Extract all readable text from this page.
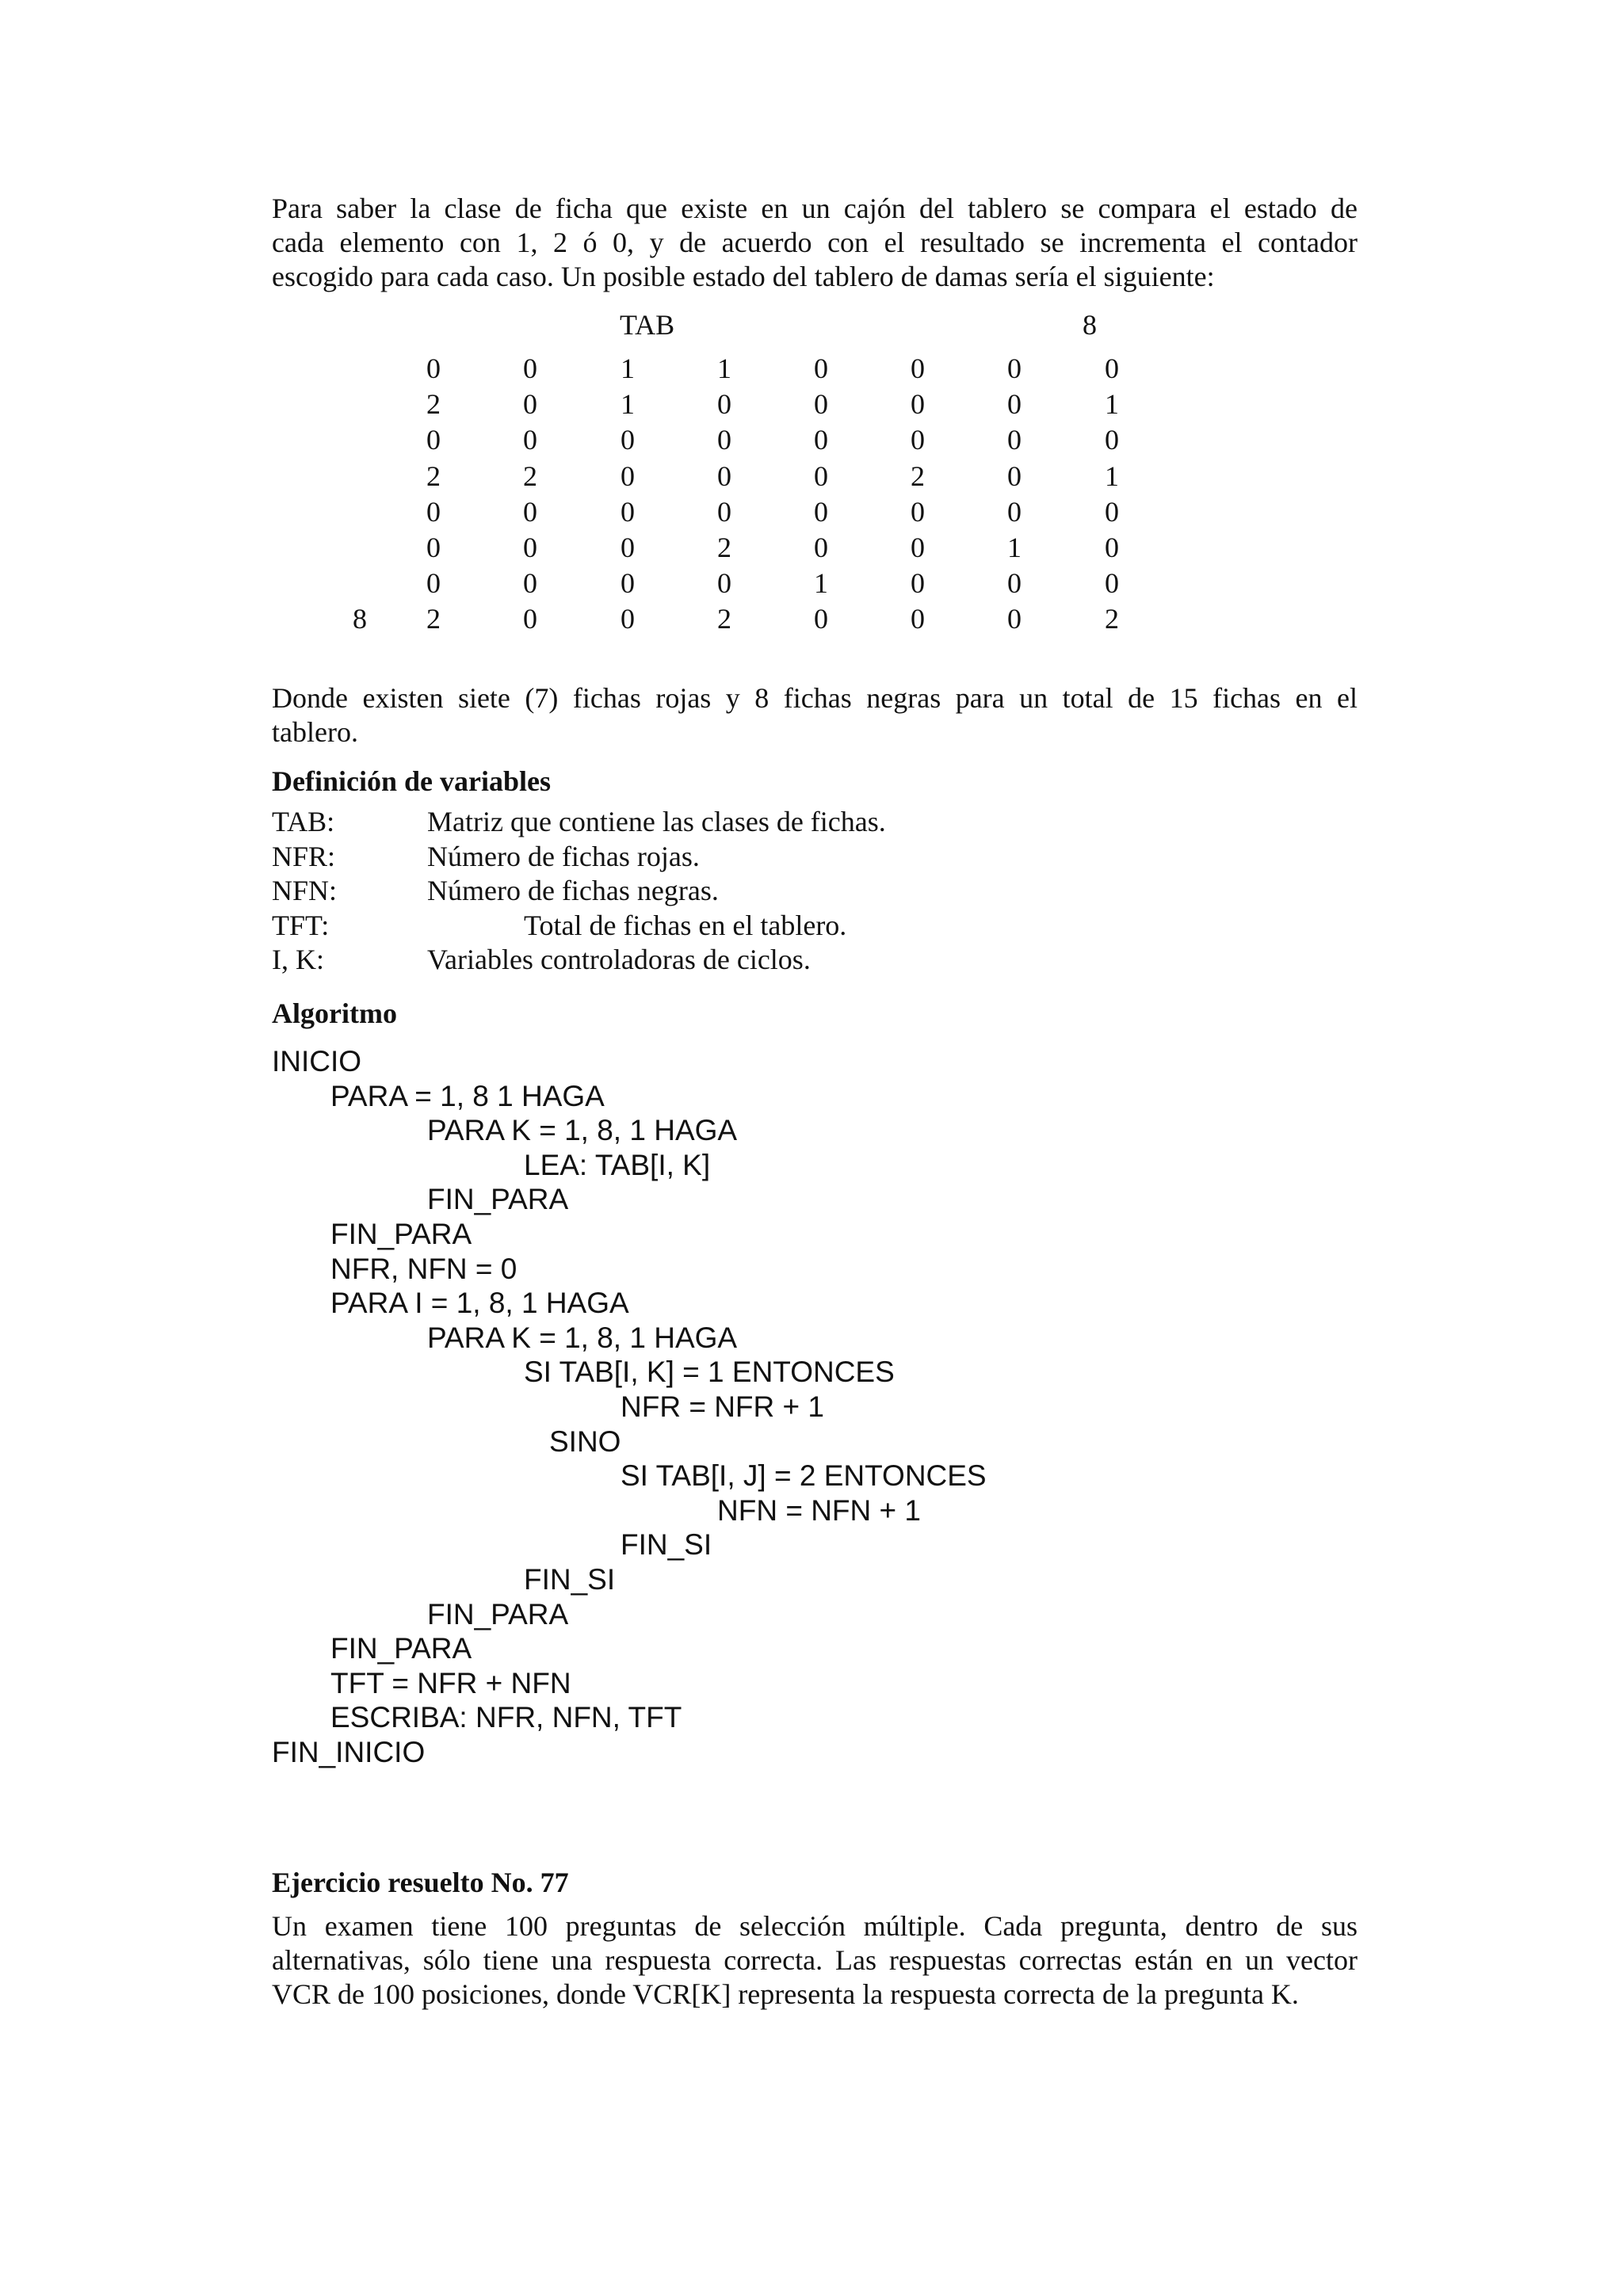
Para saber la clase de ficha que existe en un cajón del tablero se compara el estado de
cada elemento con 1, 2 ó 0, y de acuerdo con el resultado se incrementa el contador
escogido para cada caso. Un posible estado del tablero de damas sería el siguiente:
TAB	8
0	0	1	1	0	0	0	0
2	0	1	0	0	0	0	1
0	0	0	0	0	0	0	0
2	2	0	0	0	2	0	1
0	0	0	0	0	0	0	0
0	0	0	2	0	0	1	0
0	0	0	0	1	0	0	0
8	2	0	0	2	0	0	0	2
Donde existen siete (7) fichas rojas y 8 fichas negras para un total de 15 fichas en el
tablero.
Definición de variables
TAB:	Matriz que contiene las clases de fichas.
NFR:	Número de fichas rojas.
NFN:	Número de fichas negras.
TFT:	Total de fichas en el tablero.
I, K:	Variables controladoras de ciclos.
Algoritmo
INICIO
PARA = 1, 8 1 HAGA
PARA K = 1, 8, 1 HAGA
LEA: TAB[I, K]
FIN_PARA
FIN_PARA
NFR, NFN = 0
PARA I = 1, 8, 1 HAGA
PARA K = 1, 8, 1 HAGA
SI TAB[I, K] = 1 ENTONCES
NFR = NFR + 1
SINO
SI TAB[I, J] = 2 ENTONCES
NFN = NFN + 1
FIN_SI
FIN_SI
FIN_PARA
FIN_PARA
TFT = NFR + NFN
ESCRIBA: NFR, NFN, TFT
FIN_INICIO
Ejercicio resuelto No. 77
Un examen tiene 100 preguntas de selección múltiple. Cada pregunta, dentro de sus
alternativas, sólo tiene una respuesta correcta. Las respuestas correctas están en un vector
VCR de 100 posiciones, donde VCR[K] representa la respuesta correcta de la pregunta K.
